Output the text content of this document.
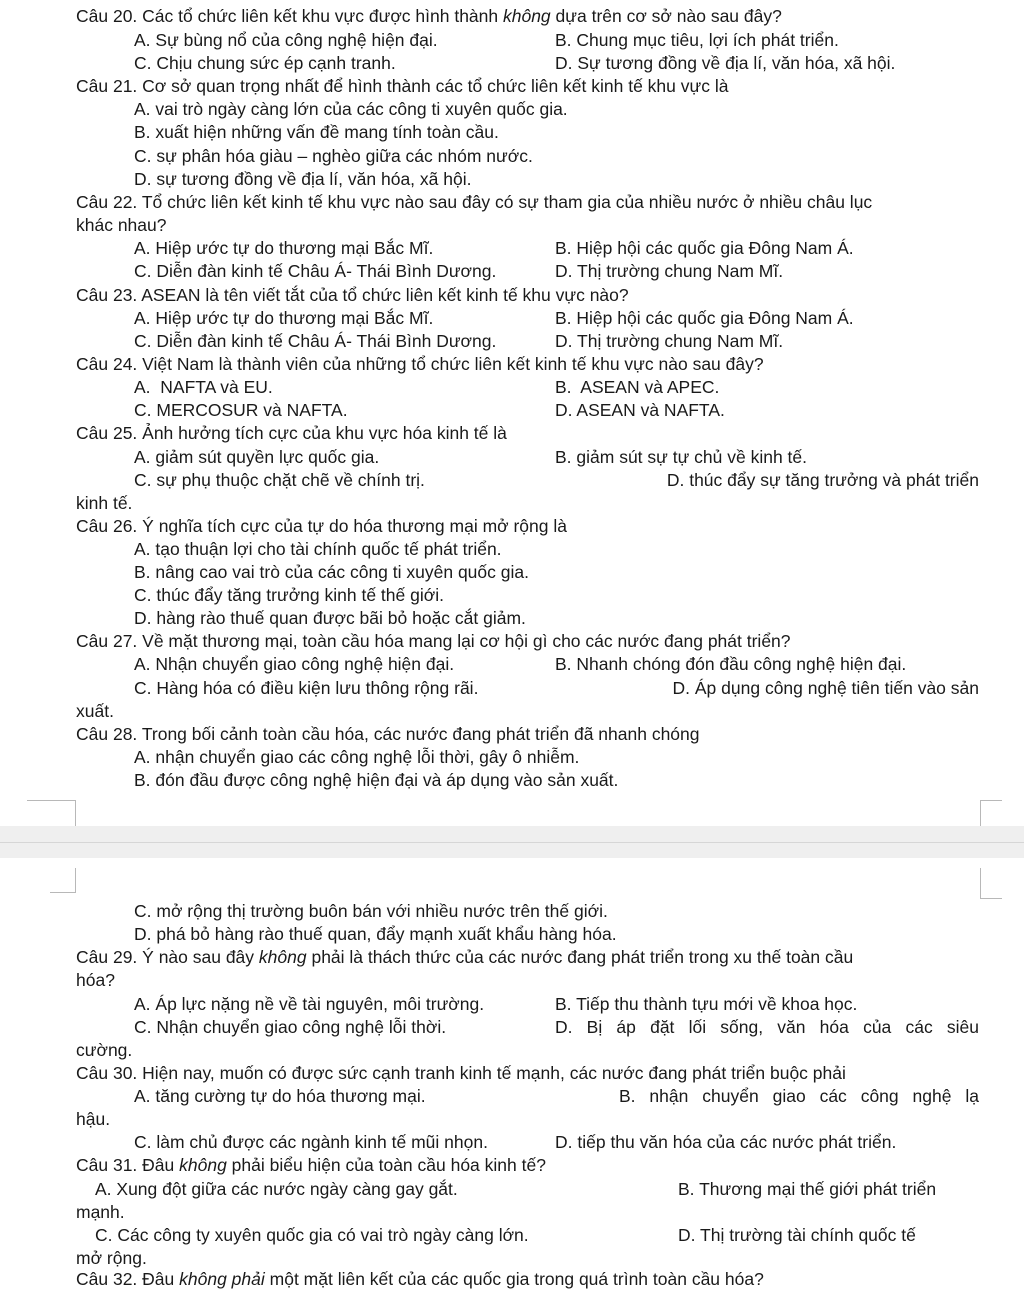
Câu 20. Các tổ chức liên kết khu vực được hình thành không dựa trên cơ sở nào sau đây?
A. Sự bùng nổ của công nghệ hiện đại.	B. Chung mục tiêu, lợi ích phát triển.
C. Chịu chung sức ép cạnh tranh.	D. Sự tương đồng về địa lí, văn hóa, xã hội.
Câu 21. Cơ sở quan trọng nhất để hình thành các tổ chức liên kết kinh tế khu vực là
A. vai trò ngày càng lớn của các công ti xuyên quốc gia.
B. xuất hiện những vấn đề mang tính toàn cầu.
C. sự phân hóa giàu – nghèo giữa các nhóm nước.
D. sự tương đồng về địa lí, văn hóa, xã hội.
Câu 22. Tổ chức liên kết kinh tế khu vực nào sau đây có sự tham gia của nhiều nước ở nhiều châu lục
khác nhau?
A. Hiệp ước tự do thương mại Bắc Mĩ.	B. Hiệp hội các quốc gia Đông Nam Á.
C. Diễn đàn kinh tế Châu Á- Thái Bình Dương.	D. Thị trường chung Nam Mĩ.
Câu 23. ASEAN là tên viết tắt của tổ chức liên kết kinh tế khu vực nào?
A. Hiệp ước tự do thương mại Bắc Mĩ.	B. Hiệp hội các quốc gia Đông Nam Á.
C. Diễn đàn kinh tế Châu Á- Thái Bình Dương.	D. Thị trường chung Nam Mĩ.
Câu 24. Việt Nam là thành viên của những tổ chức liên kết kinh tế khu vực nào sau đây?
A.  NAFTA và EU.	B.  ASEAN và APEC.
C. MERCOSUR và NAFTA.	D. ASEAN và NAFTA.
Câu 25. Ảnh hưởng tích cực của khu vực hóa kinh tế là
A. giảm sút quyền lực quốc gia.	B. giảm sút sự tự chủ về kinh tế.
C. sự phụ thuộc chặt chẽ về chính trị.	D. thúc đẩy sự tăng trưởng và phát triển
kinh tế.
Câu 26. Ý nghĩa tích cực của tự do hóa thương mại mở rộng là
A. tạo thuận lợi cho tài chính quốc tế phát triển.
B. nâng cao vai trò của các công ti xuyên quốc gia.
C. thúc đẩy tăng trưởng kinh tế thế giới.
D. hàng rào thuế quan được bãi bỏ hoặc cắt giảm.
Câu 27. Về mặt thương mại, toàn cầu hóa mang lại cơ hội gì cho các nước đang phát triển?
A. Nhận chuyển giao công nghệ hiện đại.	B. Nhanh chóng đón đầu công nghệ hiện đại.
C. Hàng hóa có điều kiện lưu thông rộng rãi.	D. Áp dụng công nghệ tiên tiến vào sản
xuất.
Câu 28. Trong bối cảnh toàn cầu hóa, các nước đang phát triển đã nhanh chóng
A. nhận chuyển giao các công nghệ lỗi thời, gây ô nhiễm.
B. đón đầu được công nghệ hiện đại và áp dụng vào sản xuất.
C. mở rộng thị trường buôn bán với nhiều nước trên thế giới.
D. phá bỏ hàng rào thuế quan, đẩy mạnh xuất khẩu hàng hóa.
Câu 29. Ý nào sau đây không phải là thách thức của các nước đang phát triển trong xu thế toàn cầu
hóa?
A. Áp lực nặng nề về tài nguyên, môi trường.	B. Tiếp thu thành tựu mới về khoa học.
C. Nhận chuyển giao công nghệ lỗi thời.	D. Bị áp đặt lối sống, văn hóa của các siêu
cường.
Câu 30. Hiện nay, muốn có được sức cạnh tranh kinh tế mạnh, các nước đang phát triển buộc phải
A. tăng cường tự do hóa thương mại.	B. nhận chuyển giao các công nghệ lạ
hậu.
C. làm chủ được các ngành kinh tế mũi nhọn.	D. tiếp thu văn hóa của các nước phát triển.
Câu 31. Đâu không phải biểu hiện của toàn cầu hóa kinh tế?
A. Xung đột giữa các nước ngày càng gay gắt.	B. Thương mại thế giới phát triển
mạnh.
C. Các công ty xuyên quốc gia có vai trò ngày càng lớn.	D. Thị trường tài chính quốc tế
mở rộng.
Câu 32. Đâu không phải một mặt liên kết của các quốc gia trong quá trình toàn cầu hóa?
